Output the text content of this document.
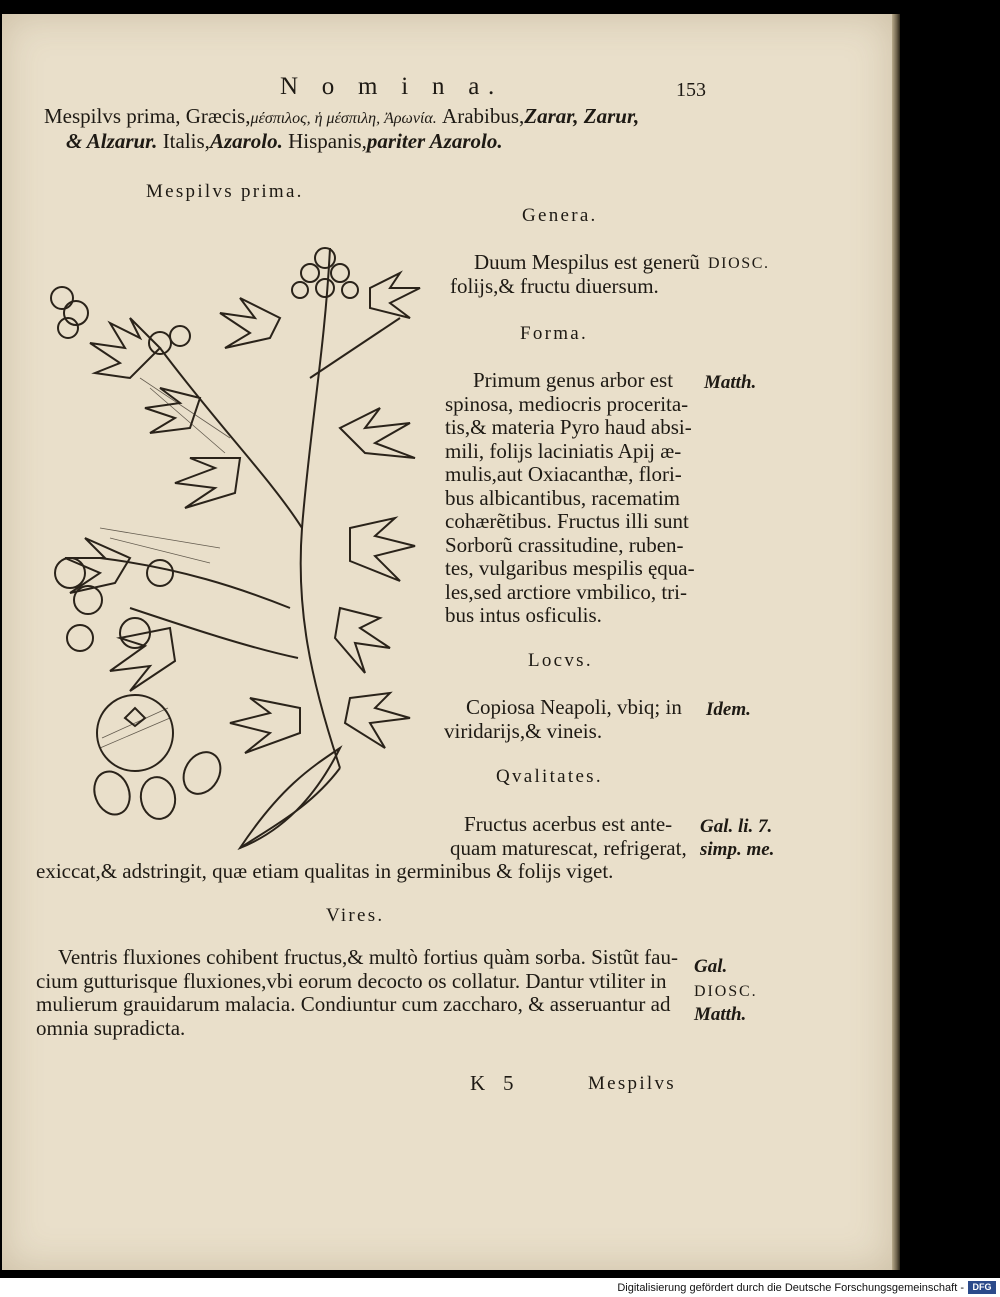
N o m i n a.	153
Mespilvs prima, Græcis,μέσπιλος, ἡ μέσπιλη, Ἀρωνία. Arabibus,Zarar, Zarur,
& Alzarur. Italis,Azarolo. Hispanis,pariter Azarolo.
Mespilvs prima.
Genera.
Duum Mespilus est generũ
folijs,& fructu diuersum.
DIOSC.
Forma.
Primum genus arbor est
spinosa, mediocris procerita-
tis,& materia Pyro haud absi-
mili, folijs laciniatis Apij æ-
mulis,aut Oxiacanthæ, flori-
bus albicantibus, racematim
cohærẽtibus. Fructus illi sunt
Sorborũ crassitudine, ruben-
tes, vulgaribus mespilis ęqua-
les,sed arctiore vmbilico, tri-
bus intus osficulis.
Matth.
Locvs.
Copiosa Neapoli, vbiq; in
viridarijs,& vineis.
Idem.
Qvalitates.
Fructus acerbus est ante-
quam maturescat, refrigerat,
exiccat,& adstringit, quæ etiam qualitas in germinibus & folijs viget.
Gal. li. 7.
simp. me.
Vires.
Ventris fluxiones cohibent fructus,& multò fortius quàm sorba. Sistũt fau-
cium gutturisque fluxiones,vbi eorum decocto os collatur. Dantur vtiliter in
mulierum grauidarum malacia. Condiuntur cum zaccharo, & asseruantur ad
omnia supradicta.
Gal.
DIOSC.
Matth.
K 5	Mespilvs
Digitalisierung gefördert durch die Deutsche Forschungsgemeinschaft - DFG
